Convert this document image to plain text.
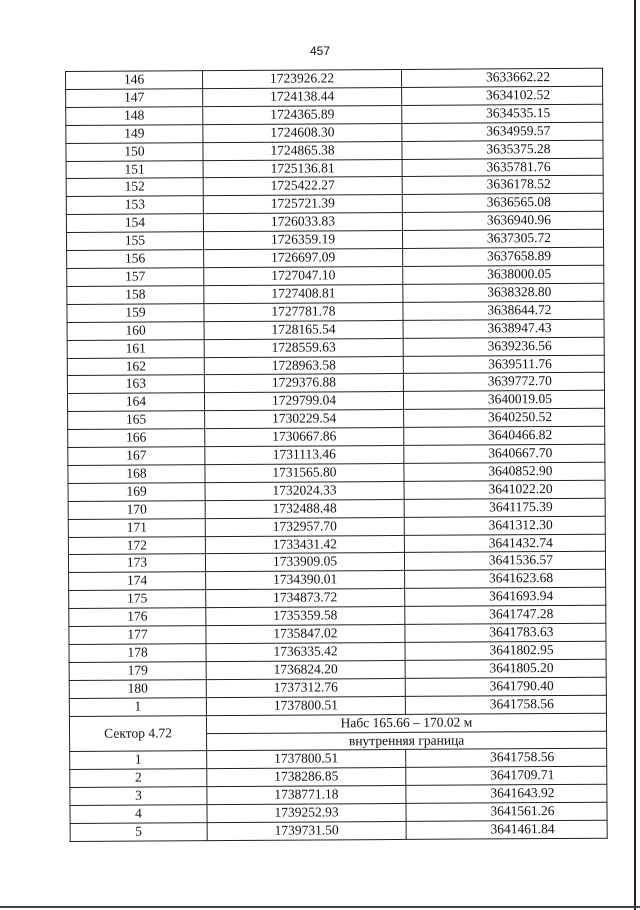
457
146	1723926.22	3633662.22
147	1724138.44	3634102.52
148	1724365.89	3634535.15
149	1724608.30	3634959.57
150	1724865.38	3635375.28
151	1725136.81	3635781.76
152	1725422.27	3636178.52
153	1725721.39	3636565.08
154	1726033.83	3636940.96
155	1726359.19	3637305.72
156	1726697.09	3637658.89
157	1727047.10	3638000.05
158	1727408.81	3638328.80
159	1727781.78	3638644.72
160	1728165.54	3638947.43
161	1728559.63	3639236.56
162	1728963.58	3639511.76
163	1729376.88	3639772.70
164	1729799.04	3640019.05
165	1730229.54	3640250.52
166	1730667.86	3640466.82
167	1731113.46	3640667.70
168	1731565.80	3640852.90
169	1732024.33	3641022.20
170	1732488.48	3641175.39
171	1732957.70	3641312.30
172	1733431.42	3641432.74
173	1733909.05	3641536.57
174	1734390.01	3641623.68
175	1734873.72	3641693.94
176	1735359.58	3641747.28
177	1735847.02	3641783.63
178	1736335.42	3641802.95
179	1736824.20	3641805.20
180	1737312.76	3641790.40
1	1737800.51	3641758.56
Сектор 4.72	Набс 165.66 – 170.02 м	
	внутренняя граница	
1	1737800.51	3641758.56
2	1738286.85	3641709.71
3	1738771.18	3641643.92
4	1739252.93	3641561.26
5	1739731.50	3641461.84
